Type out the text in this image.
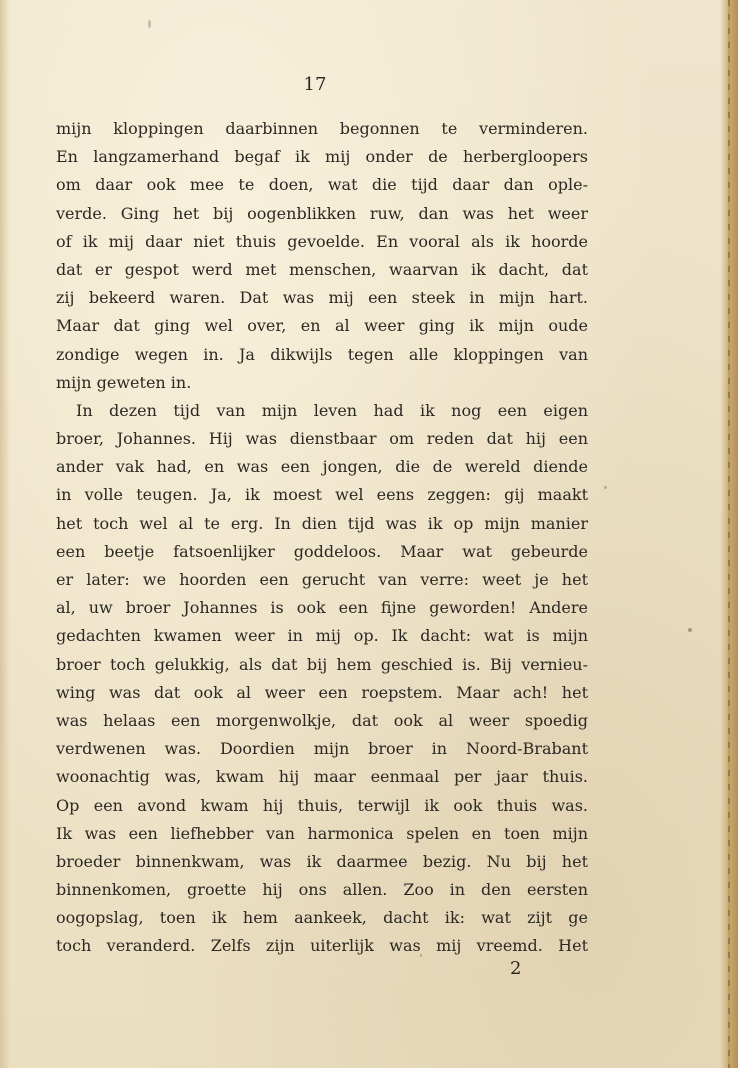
17
mijn kloppingen daarbinnen begonnen te verminderen.
En langzamerhand begaf ik mij onder de herbergloopers
om daar ook mee te doen, wat die tijd daar dan ople-
verde. Ging het bij oogenblikken ruw, dan was het weer
of ik mij daar niet thuis gevoelde. En vooral als ik hoorde
dat er gespot werd met menschen, waarvan ik dacht, dat
zij bekeerd waren. Dat was mij een steek in mijn hart.
Maar dat ging wel over, en al weer ging ik mijn oude
zondige wegen in. Ja dikwijls tegen alle kloppingen van
mijn geweten in.
In dezen tijd van mijn leven had ik nog een eigen
broer, Johannes. Hij was dienstbaar om reden dat hij een
ander vak had, en was een jongen, die de wereld diende
in volle teugen. Ja, ik moest wel eens zeggen: gij maakt
het toch wel al te erg. In dien tijd was ik op mijn manier
een beetje fatsoenlijker goddeloos. Maar wat gebeurde
er later: we hoorden een gerucht van verre: weet je het
al, uw broer Johannes is ook een fijne geworden! Andere
gedachten kwamen weer in mij op. Ik dacht: wat is mijn
broer toch gelukkig, als dat bij hem geschied is. Bij vernieu-
wing was dat ook al weer een roepstem. Maar ach! het
was helaas een morgenwolkje, dat ook al weer spoedig
verdwenen was. Doordien mijn broer in Noord-Brabant
woonachtig was, kwam hij maar eenmaal per jaar thuis.
Op een avond kwam hij thuis, terwijl ik ook thuis was.
Ik was een liefhebber van harmonica spelen en toen mijn
broeder binnenkwam, was ik daarmee bezig. Nu bij het
binnenkomen, groette hij ons allen. Zoo in den eersten
oogopslag, toen ik hem aankeek, dacht ik: wat zijt ge
toch veranderd. Zelfs zijn uiterlijk was mij vreemd. Het
2
